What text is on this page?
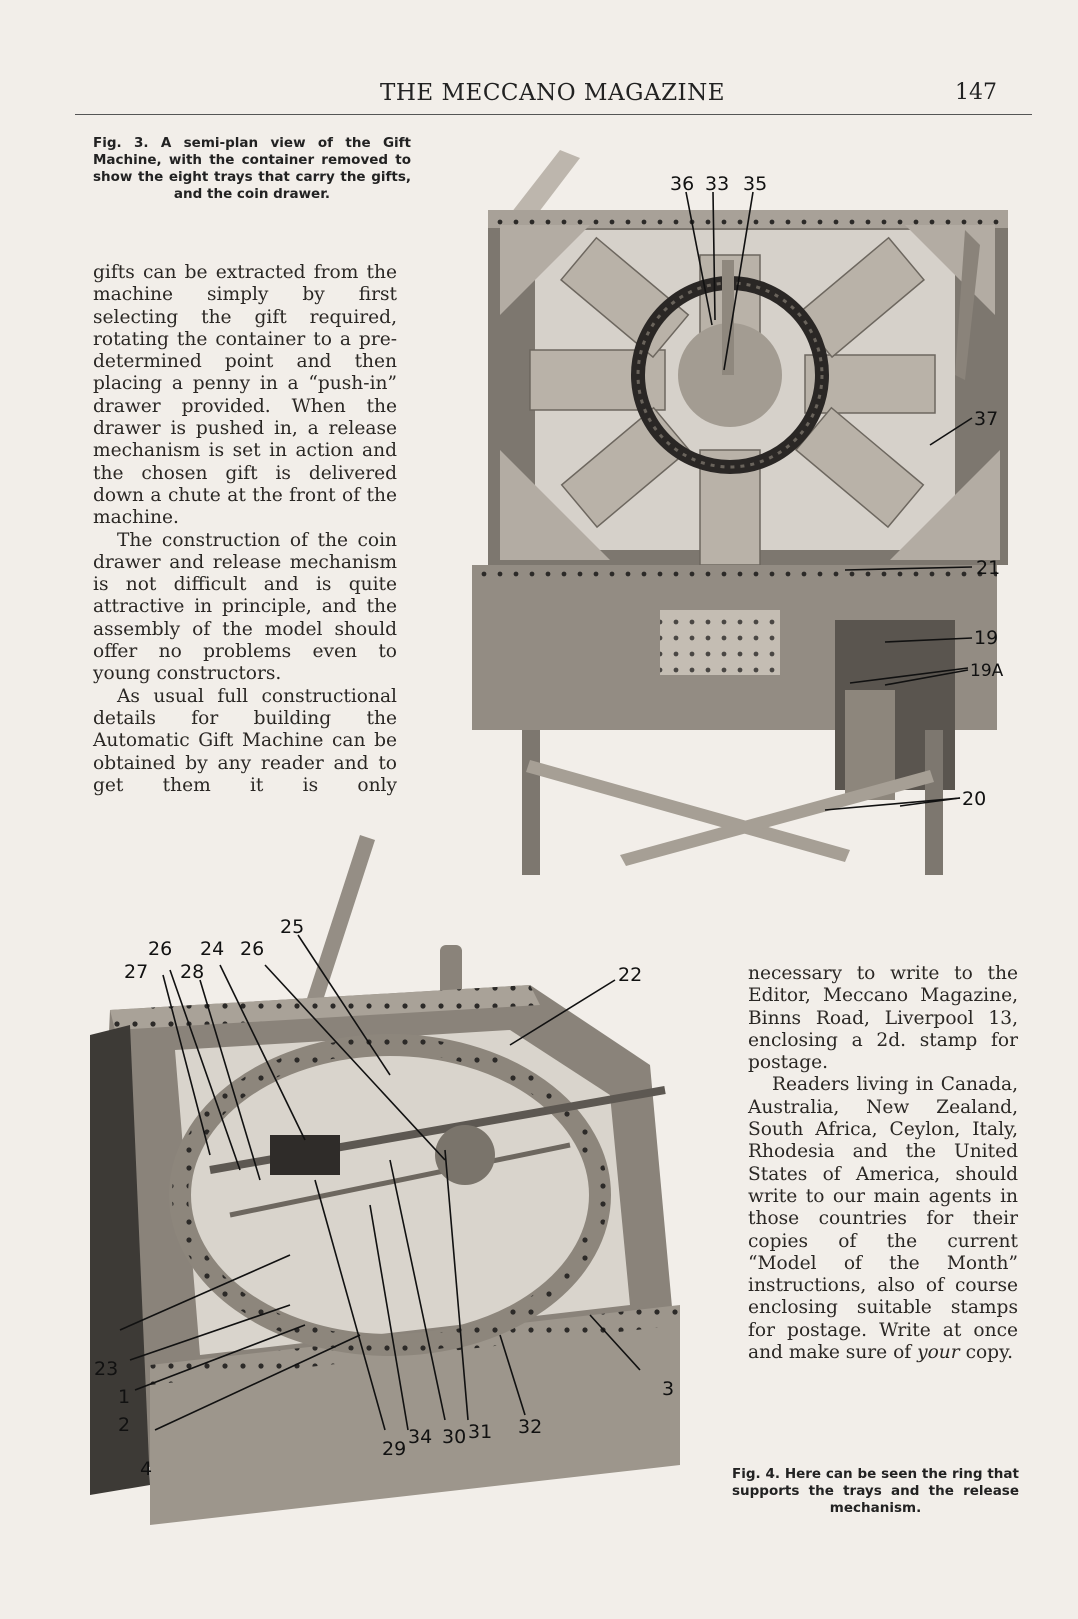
THE MECCANO MAGAZINE	147
Fig. 3. A semi-plan view of the Gift Machine, with the container removed to show the eight trays that carry the gifts, and the coin drawer.	36 33 35
37
21
19
19A
20

gifts can be extracted from the machine simply by first selecting the gift required, rotating the container to a pre-determined point and then placing a penny in a “push-in” drawer provided. When the drawer is pushed in, a release mechanism is set in action and the chosen gift is delivered down a chute at the front of the machine.

The construction of the coin drawer and release mechanism is not difficult and is quite attractive in principle, and the assembly of the model should offer no problems even to young constructors.

As usual full constructional details for building the Automatic Gift Machine can be obtained by any reader and to get them it is only

25
26 24 26
27 28	22
23
1
2
4
29
34 30 31 32
3

necessary to write to the Editor, Meccano Magazine, Binns Road, Liverpool 13, enclosing a 2d. stamp for postage.

Readers living in Canada, Australia, New Zealand, South Africa, Ceylon, Italy, Rhodesia and the United States of America, should write to our main agents in those countries for their copies of the current “Model of the Month” instructions, also of course enclosing suitable stamps for postage. Write at once and make sure of your copy.

Fig. 4. Here can be seen the ring that supports the trays and the release mechanism.
